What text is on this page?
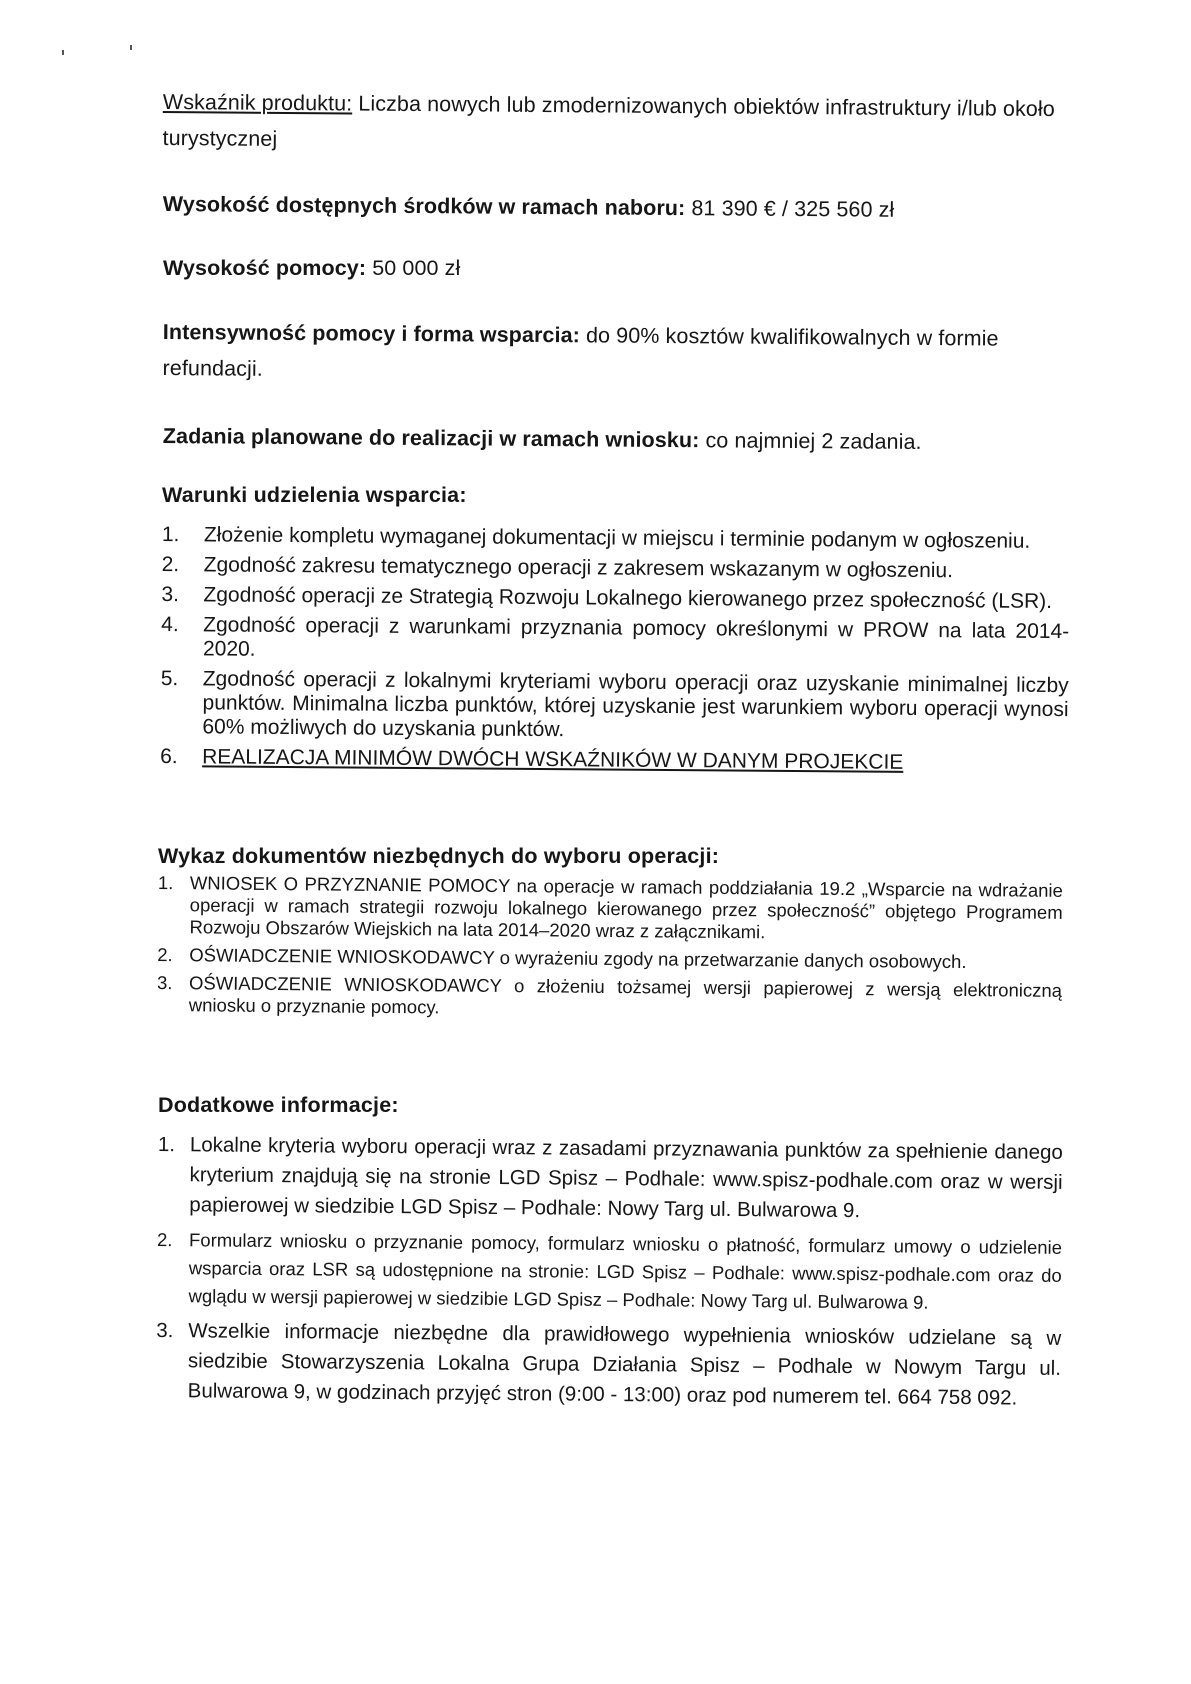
Wskaźnik produktu: Liczba nowych lub zmodernizowanych obiektów infrastruktury i/lub około turystycznej
Wysokość dostępnych środków w ramach naboru: 81 390 € / 325 560 zł
Wysokość pomocy: 50 000 zł
Intensywność pomocy i forma wsparcia: do 90% kosztów kwalifikowalnych w formie refundacji.
Zadania planowane do realizacji w ramach wniosku: co najmniej 2 zadania.
Warunki udzielenia wsparcia:
1. Złożenie kompletu wymaganej dokumentacji w miejscu i terminie podanym w ogłoszeniu.
2. Zgodność zakresu tematycznego operacji z zakresem wskazanym w ogłoszeniu.
3. Zgodność operacji ze Strategią Rozwoju Lokalnego kierowanego przez społeczność (LSR).
4. Zgodność operacji z warunkami przyznania pomocy określonymi w PROW na lata 2014-2020.
5. Zgodność operacji z lokalnymi kryteriami wyboru operacji oraz uzyskanie minimalnej liczby punktów. Minimalna liczba punktów, której uzyskanie jest warunkiem wyboru operacji wynosi 60% możliwych do uzyskania punktów.
6. REALIZACJA MINIMÓW DWÓCH WSKAŹNIKÓW W DANYM PROJEKCIE
Wykaz dokumentów niezbędnych do wyboru operacji:
1. WNIOSEK O PRZYZNANIE POMOCY na operacje w ramach poddziałania 19.2 „Wsparcie na wdrażanie operacji w ramach strategii rozwoju lokalnego kierowanego przez społeczność” objętego Programem Rozwoju Obszarów Wiejskich na lata 2014–2020 wraz z załącznikami.
2. OŚWIADCZENIE WNIOSKODAWCY o wyrażeniu zgody na przetwarzanie danych osobowych.
3. OŚWIADCZENIE WNIOSKODAWCY o złożeniu tożsamej wersji papierowej z wersją elektroniczną wniosku o przyznanie pomocy.
Dodatkowe informacje:
1. Lokalne kryteria wyboru operacji wraz z zasadami przyznawania punktów za spełnienie danego kryterium znajdują się na stronie LGD Spisz – Podhale: www.spisz-podhale.com oraz w wersji papierowej w siedzibie LGD Spisz – Podhale: Nowy Targ ul. Bulwarowa 9.
2. Formularz wniosku o przyznanie pomocy, formularz wniosku o płatność, formularz umowy o udzielenie wsparcia oraz LSR są udostępnione na stronie: LGD Spisz – Podhale: www.spisz-podhale.com oraz do wglądu w wersji papierowej w siedzibie LGD Spisz – Podhale: Nowy Targ ul. Bulwarowa 9.
3. Wszelkie informacje niezbędne dla prawidłowego wypełnienia wniosków udzielane są w siedzibie Stowarzyszenia Lokalna Grupa Działania Spisz – Podhale w Nowym Targu ul. Bulwarowa 9, w godzinach przyjęć stron (9:00 - 13:00) oraz pod numerem tel. 664 758 092.
